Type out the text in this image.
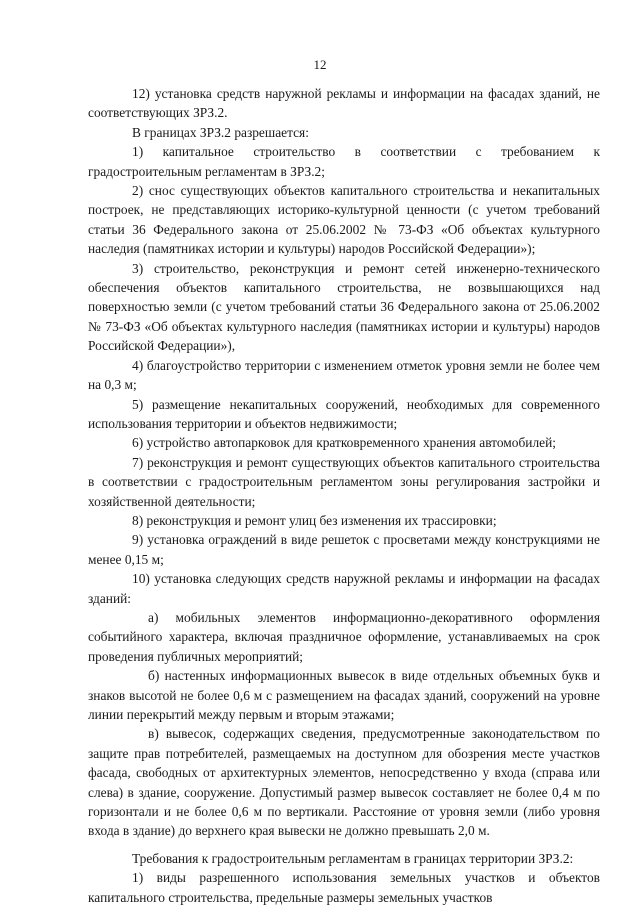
12

12) установка средств наружной рекламы и информации на фасадах зданий, не соответствующих ЗРЗ.2.

В границах ЗРЗ.2 разрешается:

1) капитальное строительство в соответствии с требованием к градостроительным регламентам в ЗРЗ.2;

2) снос существующих объектов капитального строительства и некапитальных построек, не представляющих историко-культурной ценности (с учетом требований статьи 36 Федерального закона от 25.06.2002 № 73-ФЗ «Об объектах культурного наследия (памятниках истории и культуры) народов Российской Федерации»);

3) строительство, реконструкция и ремонт сетей инженерно-технического обеспечения объектов капитального строительства, не возвышающихся над поверхностью земли (с учетом требований статьи 36 Федерального закона от 25.06.2002 № 73-ФЗ «Об объектах культурного наследия (памятниках истории и культуры) народов Российской Федерации»),

4) благоустройство территории с изменением отметок уровня земли не более чем на 0,3 м;

5) размещение некапитальных сооружений, необходимых для современного использования территории и объектов недвижимости;

6) устройство автопарковок для кратковременного хранения автомобилей;

7) реконструкция и ремонт существующих объектов капитального строительства в соответствии с градостроительным регламентом зоны регулирования застройки и хозяйственной деятельности;

8) реконструкция и ремонт улиц без изменения их трассировки;

9) установка ограждений в виде решеток с просветами между конструкциями не менее 0,15 м;

10) установка следующих средств наружной рекламы и информации на фасадах зданий:

а) мобильных элементов информационно-декоративного оформления событийного характера, включая праздничное оформление, устанавливаемых на срок проведения публичных мероприятий;

б) настенных информационных вывесок в виде отдельных объемных букв и знаков высотой не более 0,6 м с размещением на фасадах зданий, сооружений на уровне линии перекрытий между первым и вторым этажами;

в) вывесок, содержащих сведения, предусмотренные законодательством по защите прав потребителей, размещаемых на доступном для обозрения месте участков фасада, свободных от архитектурных элементов, непосредственно у входа (справа или слева) в здание, сооружение. Допустимый размер вывесок составляет не более 0,4 м по горизонтали и не более 0,6 м по вертикали. Расстояние от уровня земли (либо уровня входа в здание) до верхнего края вывески не должно превышать 2,0 м.

Требования к градостроительным регламентам в границах территории ЗРЗ.2:

1) виды разрешенного использования земельных участков и объектов капитального строительства, предельные размеры земельных участков
